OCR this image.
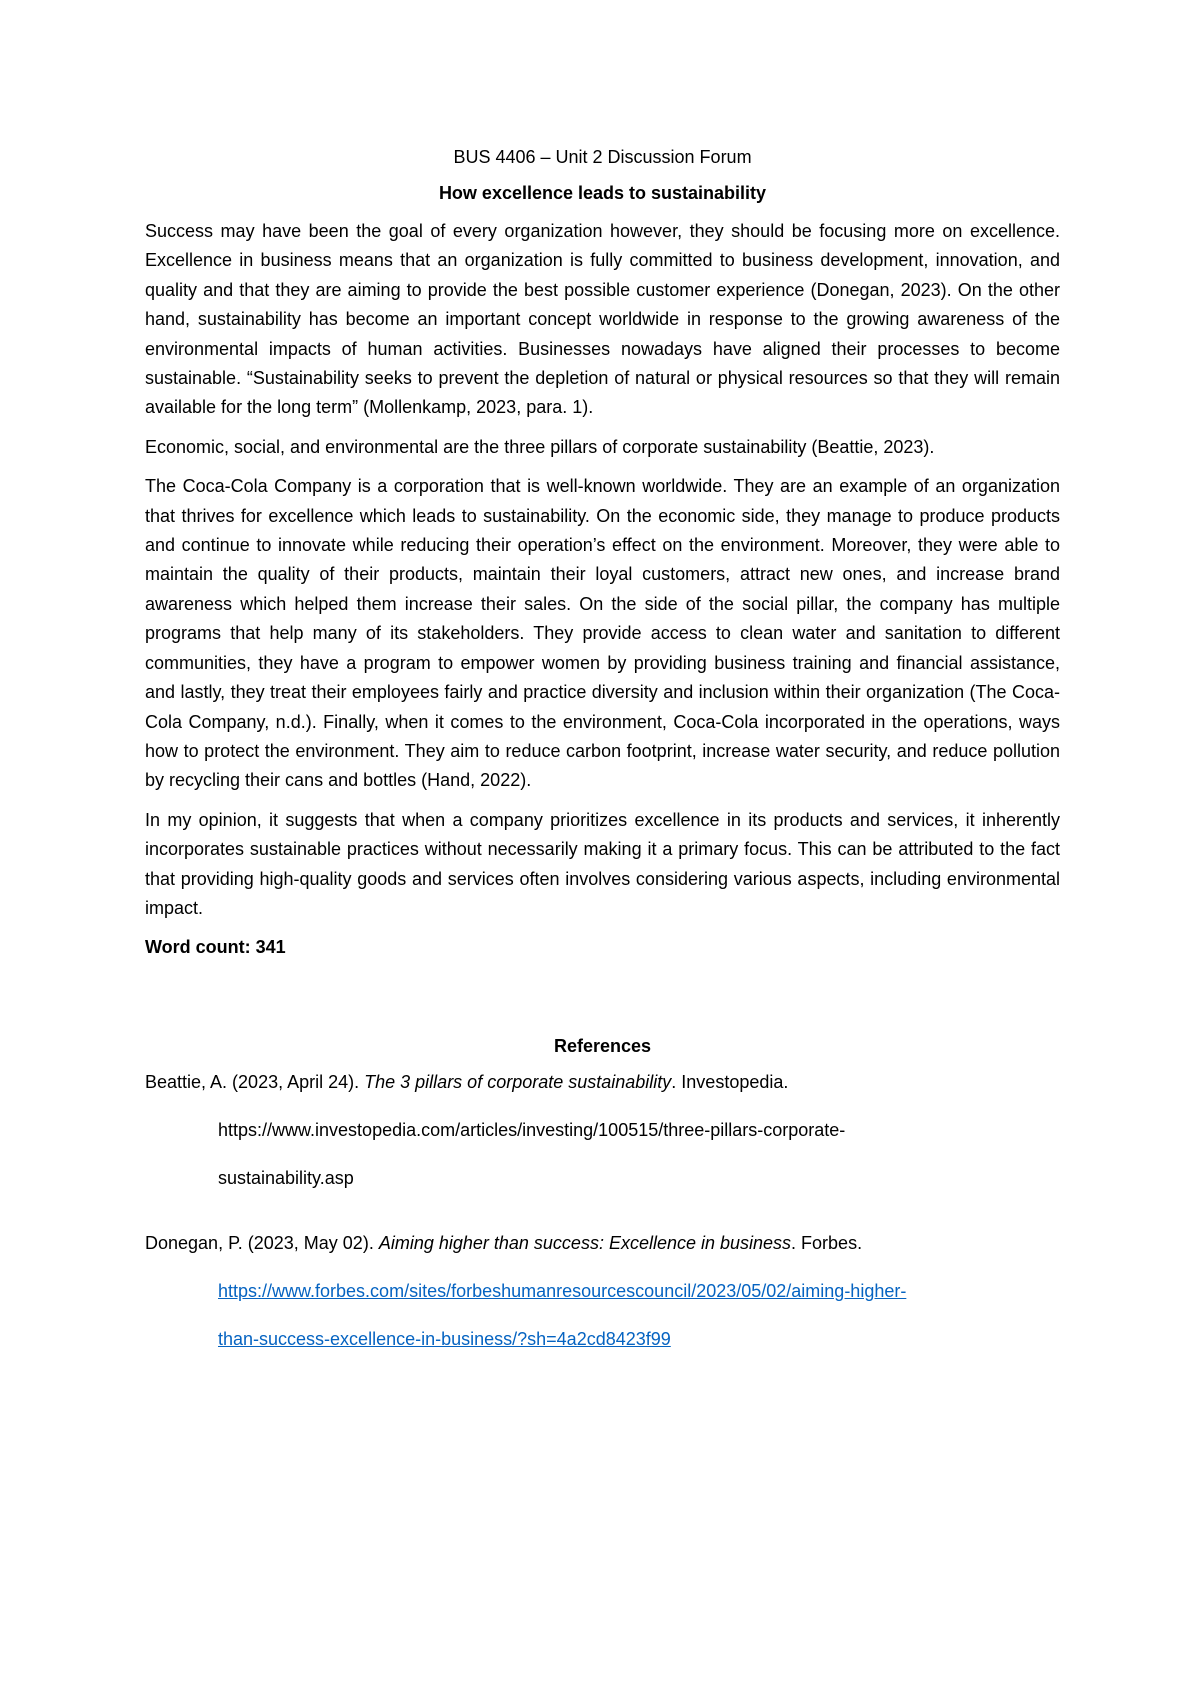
BUS 4406 – Unit 2 Discussion Forum
How excellence leads to sustainability

Success may have been the goal of every organization however, they should be focusing more on excellence. Excellence in business means that an organization is fully committed to business development, innovation, and quality and that they are aiming to provide the best possible customer experience (Donegan, 2023). On the other hand, sustainability has become an important concept worldwide in response to the growing awareness of the environmental impacts of human activities. Businesses nowadays have aligned their processes to become sustainable. “Sustainability seeks to prevent the depletion of natural or physical resources so that they will remain available for the long term” (Mollenkamp, 2023, para. 1).

Economic, social, and environmental are the three pillars of corporate sustainability (Beattie, 2023).

The Coca-Cola Company is a corporation that is well-known worldwide. They are an example of an organization that thrives for excellence which leads to sustainability. On the economic side, they manage to produce products and continue to innovate while reducing their operation’s effect on the environment. Moreover, they were able to maintain the quality of their products, maintain their loyal customers, attract new ones, and increase brand awareness which helped them increase their sales. On the side of the social pillar, the company has multiple programs that help many of its stakeholders. They provide access to clean water and sanitation to different communities, they have a program to empower women by providing business training and financial assistance, and lastly, they treat their employees fairly and practice diversity and inclusion within their organization (The Coca-Cola Company, n.d.). Finally, when it comes to the environment, Coca-Cola incorporated in the operations, ways how to protect the environment. They aim to reduce carbon footprint, increase water security, and reduce pollution by recycling their cans and bottles (Hand, 2022).

In my opinion, it suggests that when a company prioritizes excellence in its products and services, it inherently incorporates sustainable practices without necessarily making it a primary focus. This can be attributed to the fact that providing high-quality goods and services often involves considering various aspects, including environmental impact.

Word count: 341

References

Beattie, A. (2023, April 24). The 3 pillars of corporate sustainability. Investopedia.

https://www.investopedia.com/articles/investing/100515/three-pillars-corporate-
sustainability.asp

Donegan, P. (2023, May 02). Aiming higher than success: Excellence in business. Forbes.

https://www.forbes.com/sites/forbeshumanresourcescouncil/2023/05/02/aiming-higher-
than-success-excellence-in-business/?sh=4a2cd8423f99
